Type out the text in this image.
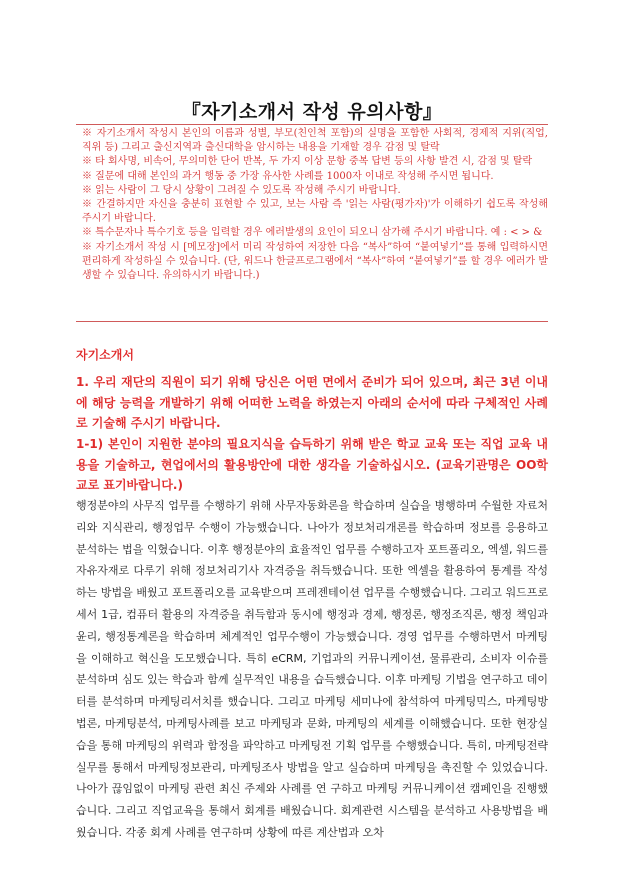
『자기소개서 작성 유의사항』

※ 자기소개서 작성시 본인의 이름과 성별, 부모(친인척 포함)의 실명을 포함한 사회적, 경제적 지위(직업, 직위 등) 그리고 출신지역과 출신대학을 암시하는 내용을 기재할 경우 감점 및 탈락

※ 타 회사명, 비속어, 무의미한 단어 반복, 두 가지 이상 문항 중복 답변 등의 사항 발견 시, 감점 및 탈락

※ 질문에 대해 본인의 과거 행동 중 가장 유사한 사례를 1000자 이내로 작성해 주시면 됩니다.

※ 읽는 사람이 그 당시 상황이 그려질 수 있도록 작성해 주시기 바랍니다.

※ 간결하지만 자신을 충분히 표현할 수 있고, 보는 사람 즉 '읽는 사람(평가자)'가 이해하기 쉽도록 작성해 주시기 바랍니다.

※ 특수문자나 특수기호 등을 입력할 경우 에러발생의 요인이 되오니 삼가해 주시기 바랍니다. 예 : < > &

※ 자기소개서 작성 시 [메모장]에서 미리 작성하여 저장한 다음 “복사”하여 “붙여넣기”를 통해 입력하시면 편리하게 작성하실 수 있습니다. (단, 워드나 한글프로그램에서 “복사”하여 “붙여넣기”를 할 경우 에러가 발생할 수 있습니다. 유의하시기 바랍니다.)

자기소개서
1. 우리 재단의 직원이 되기 위해 당신은 어떤 면에서 준비가 되어 있으며, 최근 3년 이내에 해당 능력을 개발하기 위해 어떠한 노력을 하였는지 아래의 순서에 따라 구체적인 사례로 기술해 주시기 바랍니다.
1-1) 본인이 지원한 분야의 필요지식을 습득하기 위해 받은 학교 교육 또는 직업 교육 내용을 기술하고, 현업에서의 활용방안에 대한 생각을 기술하십시오. (교육기관명은 OO학교로 표기바랍니다.)
행정분야의 사무직 업무를 수행하기 위해 사무자동화론을 학습하며 실습을 병행하며 수월한 자료처리와 지식관리, 행정업무 수행이 가능했습니다. 나아가 정보처리개론를 학습하며 정보를 응용하고 분석하는 법을 익혔습니다. 이후 행정분야의 효율적인 업무를 수행하고자 포트폴리오, 엑셀, 워드를 자유자재로 다루기 위해 정보처리기사 자격증을 취득했습니다. 또한 엑셀을 활용하여 통계를 작성하는 방법을 배웠고 포트폴리오를 교육받으며 프레젠테이션 업무를 수행했습니다. 그리고 워드프로세서 1급, 컴퓨터 활용의 자격증을 취득함과 동시에 행정과 경제, 행정론, 행정조직론, 행정 책임과 윤리, 행정통계론을 학습하며 체계적인 업무수행이 가능했습니다. 경영 업무를 수행하면서 마케팅을 이해하고 혁신을 도모했습니다. 특히 eCRM, 기업과의 커뮤니케이션, 물류관리, 소비자 이슈를 분석하며 심도 있는 학습과 함께 실무적인 내용을 습득했습니다. 이후 마케팅 기법을 연구하고 데이터를 분석하며 마케팅리서치를 했습니다. 그리고 마케팅 세미나에 참석하여 마케팅믹스, 마케팅방법론, 마케팅분석, 마케팅사례를 보고 마케팅과 문화, 마케팅의 세계를 이해했습니다. 또한 현장실습을 통해 마케팅의 위력과 함정을 파악하고 마케팅전 기획 업무를 수행했습니다. 특히, 마케팅전략실무를 통해서 마케팅정보관리, 마케팅조사 방법을 알고 실습하며 마케팅을 촉진할 수 있었습니다. 나아가 끊임없이 마케팅 관련 최신 주제와 사례를 연 구하고 마케팅 커뮤니케이션 캠페인을 진행했습니다. 그리고 직업교육을 통해서 회계를 배웠습니다. 회계관련 시스템을 분석하고 사용방법을 배웠습니다. 각종 회계 사례를 연구하며 상황에 따른 계산법과 오차
